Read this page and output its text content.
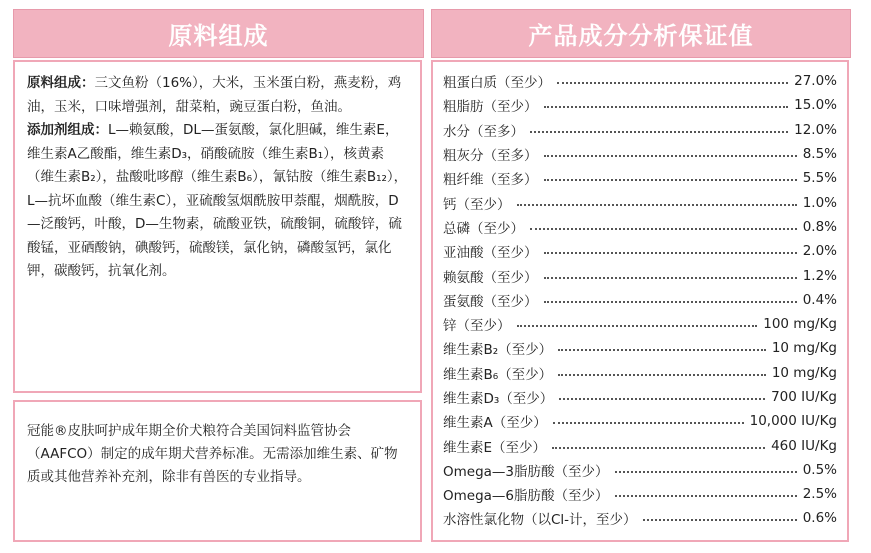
原料组成

原料组成：三文鱼粉（16%），大米，玉米蛋白粉，燕麦粉，鸡油，玉米，口味增强剂，甜菜粕，豌豆蛋白粉，鱼油。

添加剂组成：L—赖氨酸，DL—蛋氨酸，氯化胆碱，维生素E，维生素A乙酸酯，维生素D₃，硝酸硫胺（维生素B₁），核黄素（维生素B₂），盐酸吡哆醇（维生素B₆），氰钴胺（维生素B₁₂），L—抗坏血酸（维生素C），亚硫酸氢烟酰胺甲萘醌，烟酰胺，D—泛酸钙，叶酸，D—生物素，硫酸亚铁，硫酸铜，硫酸锌，硫酸锰，亚硒酸钠，碘酸钙，硫酸镁，氯化钠，磷酸氢钙，氯化钾，碳酸钙，抗氧化剂。

冠能®皮肤呵护成年期全价犬粮符合美国饲料监管协会（AAFCO）制定的成年期犬营养标准。无需添加维生素、矿物质或其他营养补充剂，除非有兽医的专业指导。

产品成分分析保证值
粗蛋白质（至少）	27.0%
粗脂肪（至少）	15.0%
水分（至多）	12.0%
粗灰分（至多）	8.5%
粗纤维（至多）	5.5%
钙（至少）	1.0%
总磷（至少）	0.8%
亚油酸（至少）	2.0%
赖氨酸（至少）	1.2%
蛋氨酸（至少）	0.4%
锌（至少）	100 mg/Kg
维生素B₂（至少）	10 mg/Kg
维生素B₆（至少）	10 mg/Kg
维生素D₃（至少）	700 IU/Kg
维生素A（至少）	10,000 IU/Kg
维生素E（至少）	460 IU/Kg
Omega—3脂肪酸（至少）	0.5%
Omega—6脂肪酸（至少）	2.5%
水溶性氯化物（以Cl-计，至少）	0.6%
